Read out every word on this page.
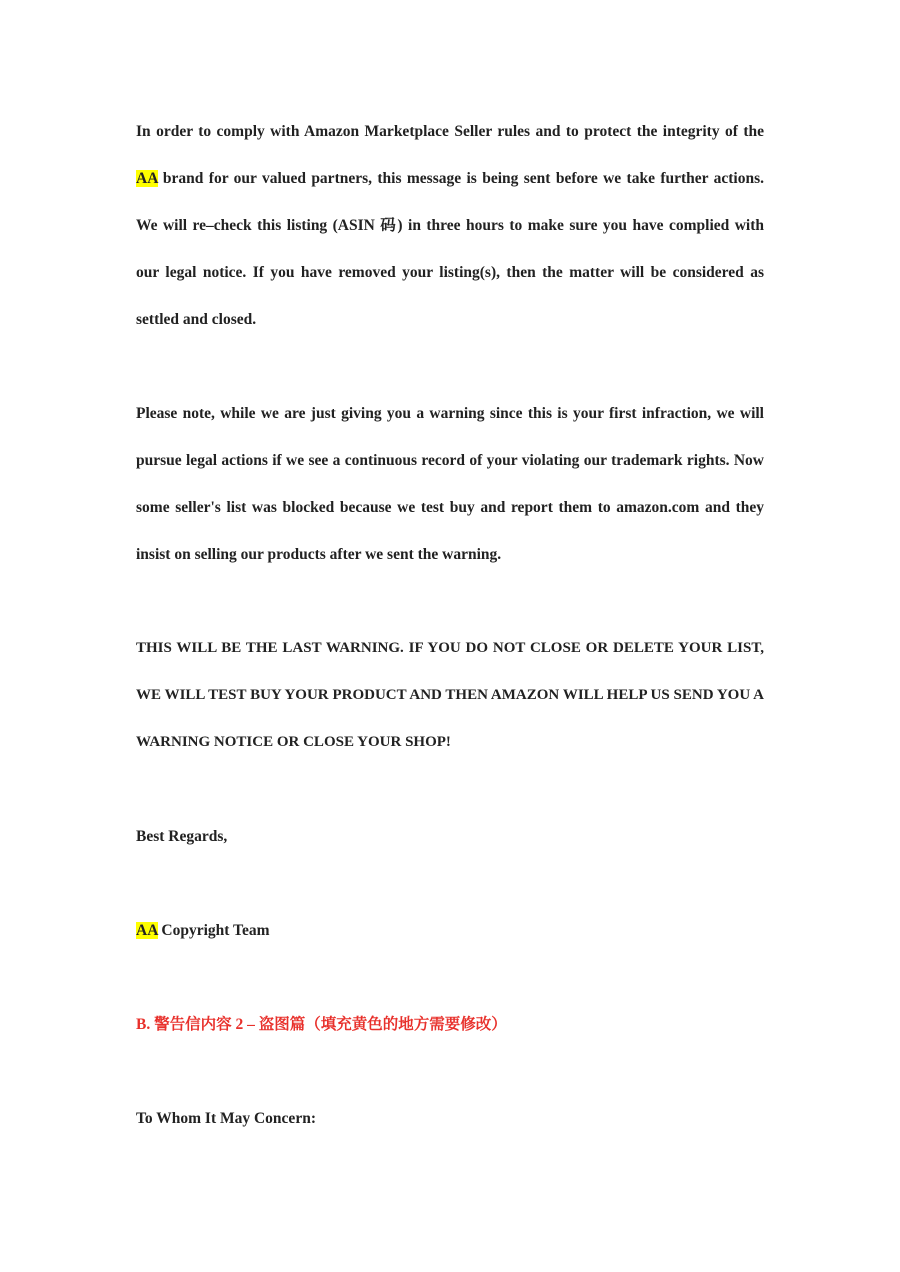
In order to comply with Amazon Marketplace Seller rules and to protect the integrity of the AA brand for our valued partners, this message is being sent before we take further actions. We will re–check this listing (ASIN 码) in three hours to make sure you have complied with our legal notice. If you have removed your listing(s), then the matter will be considered as settled and closed.

Please note, while we are just giving you a warning since this is your first infraction, we will pursue legal actions if we see a continuous record of your violating our trademark rights. Now some seller's list was blocked because we test buy and report them to amazon.com and they insist on selling our products after we sent the warning.

THIS WILL BE THE LAST WARNING. IF YOU DO NOT CLOSE OR DELETE YOUR LIST, WE WILL TEST BUY YOUR PRODUCT AND THEN AMAZON WILL HELP US SEND YOU A WARNING NOTICE OR CLOSE YOUR SHOP!

Best Regards,

AA Copyright Team

B. 警告信内容 2 – 盗图篇（填充黄色的地方需要修改）

To Whom It May Concern:
